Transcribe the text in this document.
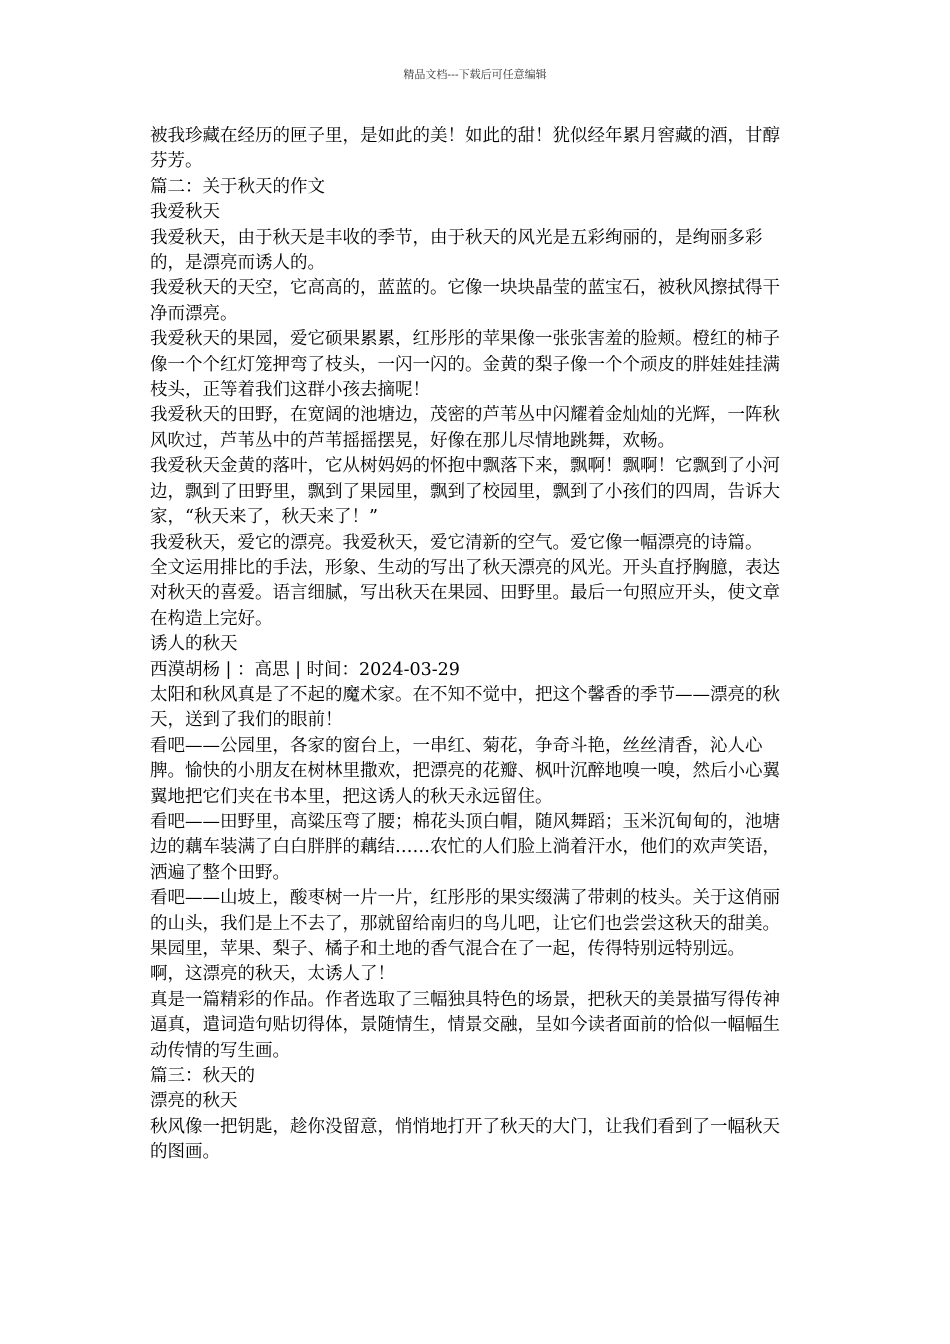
精品文档---下载后可任意编辑

被我珍藏在经历的匣子里，是如此的美！如此的甜！犹似经年累月窖藏的酒，甘醇芬芳。

篇二：关于秋天的作文

我爱秋天

我爱秋天，由于秋天是丰收的季节，由于秋天的风光是五彩绚丽的，是绚丽多彩的，是漂亮而诱人的。

我爱秋天的天空，它高高的，蓝蓝的。它像一块块晶莹的蓝宝石，被秋风擦拭得干净而漂亮。

我爱秋天的果园，爱它硕果累累，红彤彤的苹果像一张张害羞的脸颊。橙红的柿子像一个个红灯笼押弯了枝头，一闪一闪的。金黄的梨子像一个个顽皮的胖娃娃挂满枝头，正等着我们这群小孩去摘呢！

我爱秋天的田野，在宽阔的池塘边，茂密的芦苇丛中闪耀着金灿灿的光辉，一阵秋风吹过，芦苇丛中的芦苇摇摇摆晃，好像在那儿尽情地跳舞，欢畅。

我爱秋天金黄的落叶，它从树妈妈的怀抱中飘落下来，飘啊！飘啊！它飘到了小河边，飘到了田野里，飘到了果园里，飘到了校园里，飘到了小孩们的四周，告诉大家，“秋天来了，秋天来了！”

我爱秋天，爱它的漂亮。我爱秋天，爱它清新的空气。爱它像一幅漂亮的诗篇。

全文运用排比的手法，形象、生动的写出了秋天漂亮的风光。开头直抒胸臆，表达对秋天的喜爱。语言细腻，写出秋天在果园、田野里。最后一句照应开头，使文章在构造上完好。

诱人的秋天

西漠胡杨 | ：高思 | 时间：2024-03-29

太阳和秋风真是了不起的魔术家。在不知不觉中，把这个馨香的季节——漂亮的秋天，送到了我们的眼前！

看吧——公园里，各家的窗台上，一串红、菊花，争奇斗艳，丝丝清香，沁人心脾。愉快的小朋友在树林里撒欢，把漂亮的花瓣、枫叶沉醉地嗅一嗅，然后小心翼翼地把它们夹在书本里，把这诱人的秋天永远留住。

看吧——田野里，高粱压弯了腰；棉花头顶白帽，随风舞蹈；玉米沉甸甸的，池塘边的藕车装满了白白胖胖的藕结……农忙的人们脸上淌着汗水，他们的欢声笑语，洒遍了整个田野。

看吧——山坡上，酸枣树一片一片，红彤彤的果实缀满了带刺的枝头。关于这俏丽的山头，我们是上不去了，那就留给南归的鸟儿吧，让它们也尝尝这秋天的甜美。果园里，苹果、梨子、橘子和土地的香气混合在了一起，传得特别远特别远。

啊，这漂亮的秋天，太诱人了！

真是一篇精彩的作品。作者选取了三幅独具特色的场景，把秋天的美景描写得传神逼真，遣词造句贴切得体，景随情生，情景交融，呈如今读者面前的恰似一幅幅生动传情的写生画。

篇三：秋天的

漂亮的秋天

秋风像一把钥匙，趁你没留意，悄悄地打开了秋天的大门，让我们看到了一幅秋天的图画。
